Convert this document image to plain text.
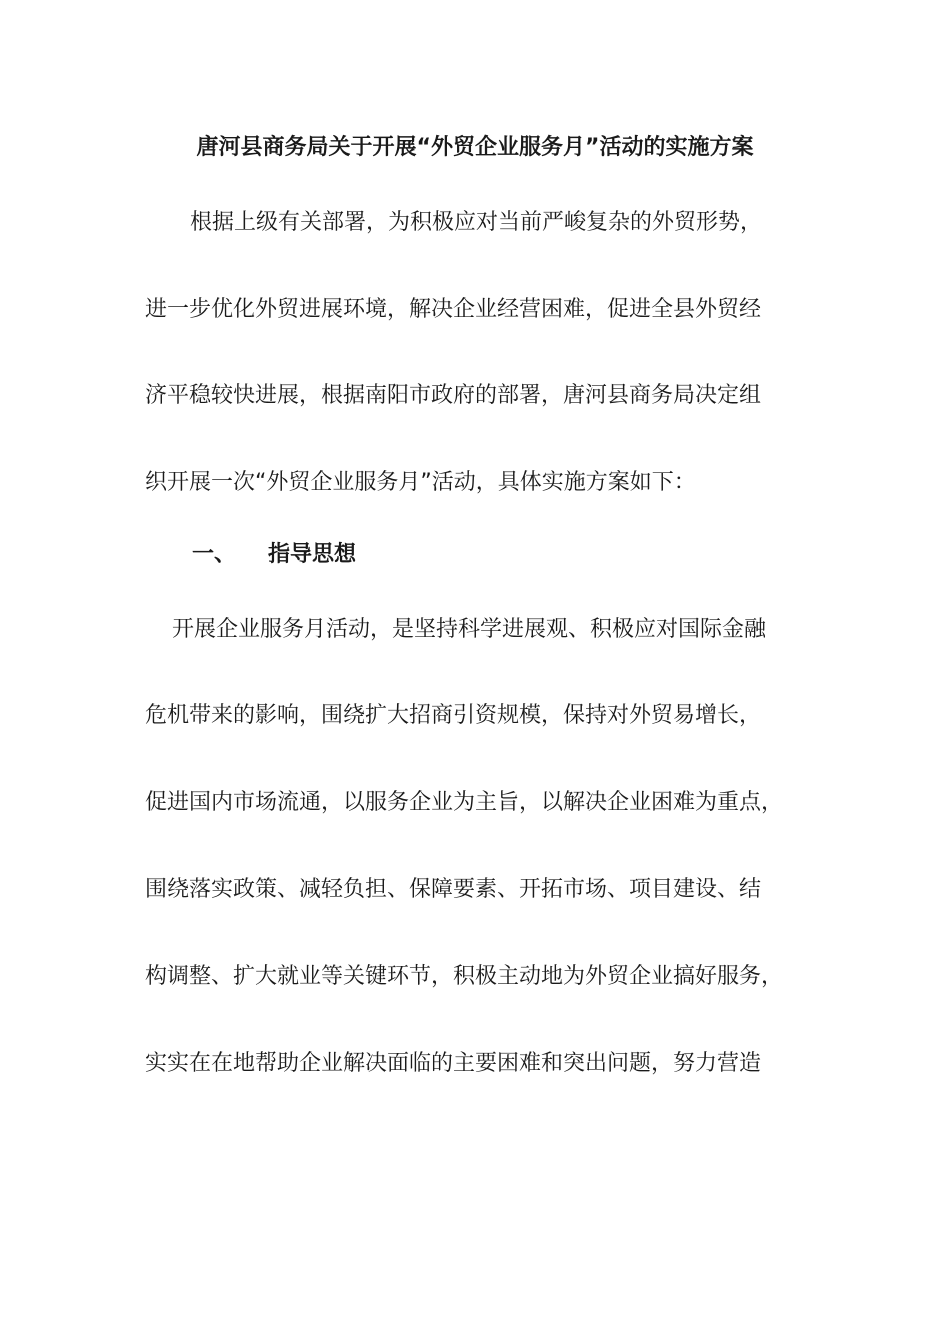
唐河县商务局关于开展“外贸企业服务月”活动的实施方案
根据上级有关部署，为积极应对当前严峻复杂的外贸形势，
进一步优化外贸进展环境，解决企业经营困难，促进全县外贸经
济平稳较快进展，根据南阳市政府的部署，唐河县商务局决定组
织开展一次“外贸企业服务月”活动，具体实施方案如下：
一、 指导思想
开展企业服务月活动，是坚持科学进展观、积极应对国际金融
危机带来的影响，围绕扩大招商引资规模，保持对外贸易增长，
促进国内市场流通，以服务企业为主旨，以解决企业困难为重点，
围绕落实政策、减轻负担、保障要素、开拓市场、项目建设、结
构调整、扩大就业等关键环节，积极主动地为外贸企业搞好服务，
实实在在地帮助企业解决面临的主要困难和突出问题，努力营造
